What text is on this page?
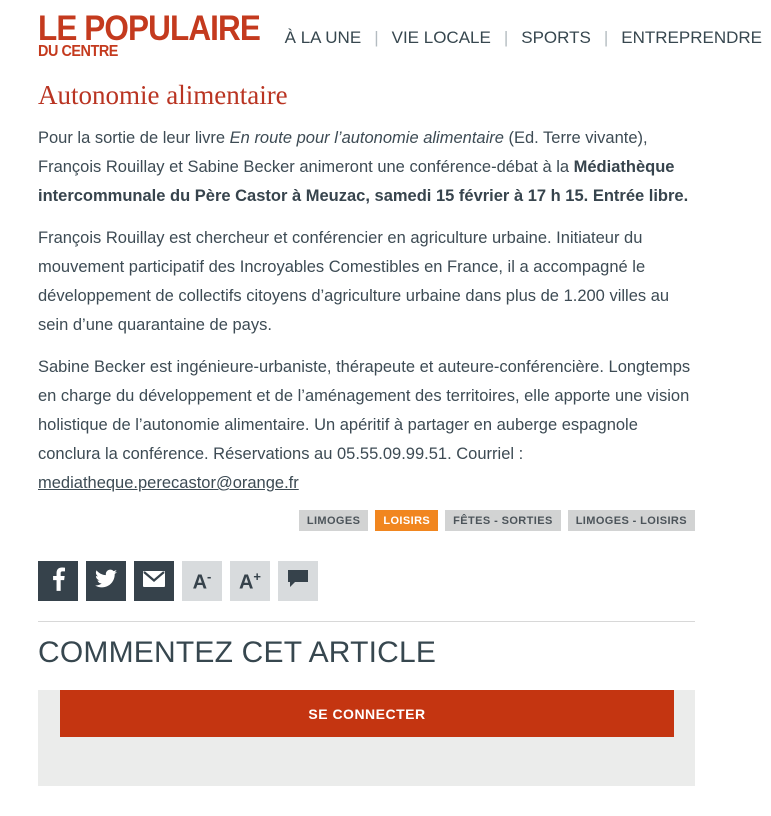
LE POPULAIRE
DU CENTRE
À LA UNE | VIE LOCALE | SPORTS | ENTREPRENDRE
Autonomie alimentaire

Pour la sortie de leur livre En route pour l’autonomie alimentaire (Ed. Terre vivante), François Rouillay et Sabine Becker animeront une conférence-débat à la Médiathèque intercommunale du Père Castor à Meuzac, samedi 15 février à 17 h 15. Entrée libre.

François Rouillay est chercheur et conférencier en agriculture urbaine. Initiateur du mouvement participatif des Incroyables Comestibles en France, il a accompagné le développement de collectifs citoyens d’agriculture urbaine dans plus de 1.200 villes au sein d’une quarantaine de pays.

Sabine Becker est ingénieure-urbaniste, thérapeute et auteure-conférencière. Longtemps en charge du développement et de l’aménagement des territoires, elle apporte une vision holistique de l’autonomie alimentaire. Un apéritif à partager en auberge espagnole conclura la conférence. Réservations au 05.55.09.99.51. Courriel : mediatheque.perecastor@orange.fr

LIMOGES	LOISIRS	FÊTES - SORTIES	LIMOGES - LOISIRS
A- A+
COMMENTEZ CET ARTICLE
SE CONNECTER
